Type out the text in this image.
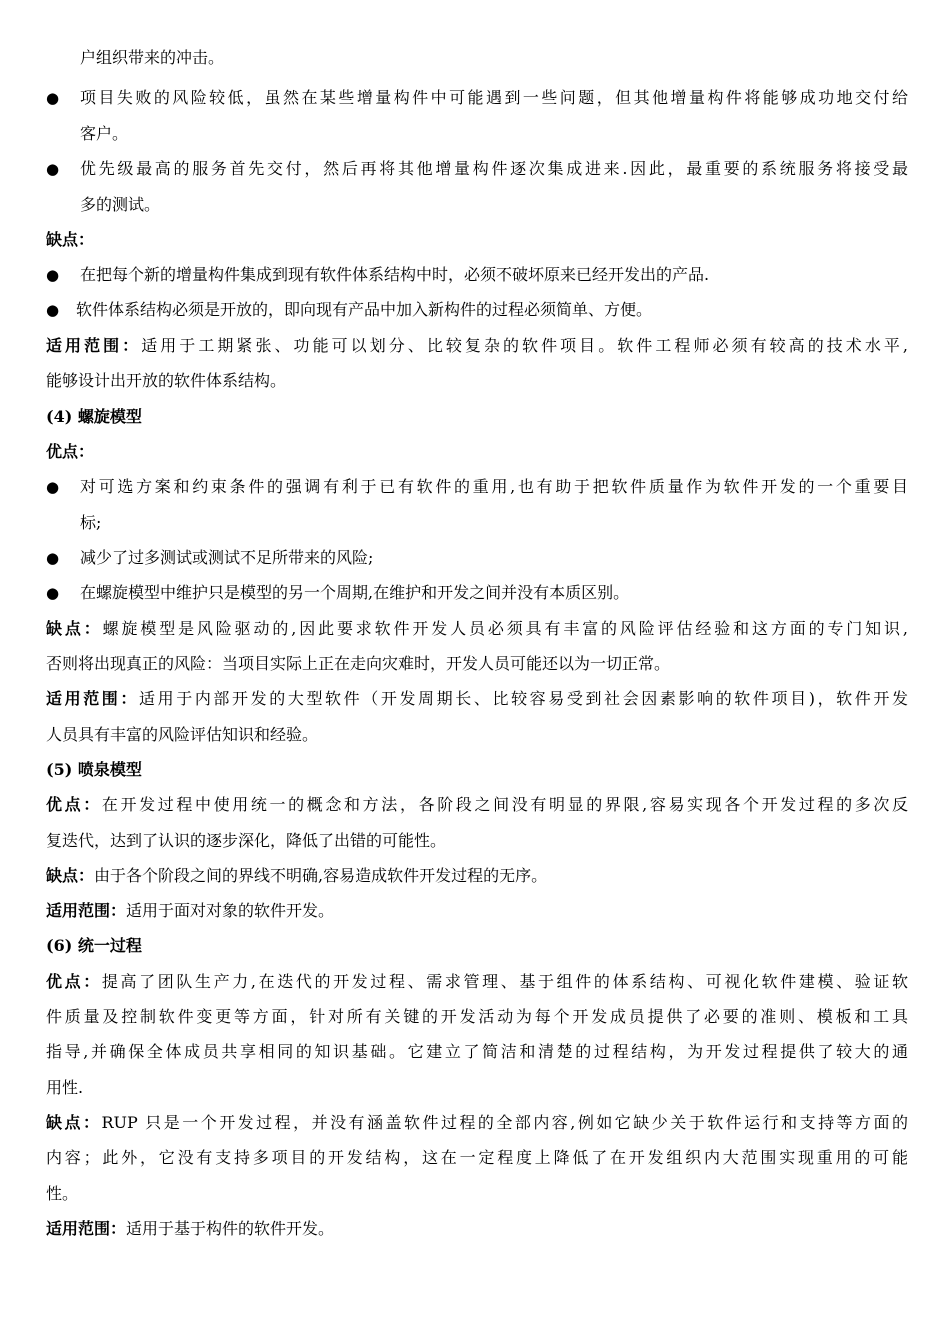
户组织带来的冲击。
● 项目失败的风险较低，虽然在某些增量构件中可能遇到一些问题，但其他增量构件将能够成功地交付给
客户。
● 优先级最高的服务首先交付，然后再将其他增量构件逐次集成进来.因此，最重要的系统服务将接受最
多的测试。
缺点：
● 在把每个新的增量构件集成到现有软件体系结构中时，必须不破坏原来已经开发出的产品.
● 软件体系结构必须是开放的，即向现有产品中加入新构件的过程必须简单、方便。
适用范围：适用于工期紧张、功能可以划分、比较复杂的软件项目。软件工程师必须有较高的技术水平,
能够设计出开放的软件体系结构。
(4) 螺旋模型
优点：
● 对可选方案和约束条件的强调有利于已有软件的重用,也有助于把软件质量作为软件开发的一个重要目
标;
● 减少了过多测试或测试不足所带来的风险;
● 在螺旋模型中维护只是模型的另一个周期,在维护和开发之间并没有本质区别。
缺点：螺旋模型是风险驱动的,因此要求软件开发人员必须具有丰富的风险评估经验和这方面的专门知识,
否则将出现真正的风险：当项目实际上正在走向灾难时，开发人员可能还以为一切正常。
适用范围：适用于内部开发的大型软件（开发周期长、比较容易受到社会因素影响的软件项目)，软件开发
人员具有丰富的风险评估知识和经验。
(5) 喷泉模型
优点：在开发过程中使用统一的概念和方法，各阶段之间没有明显的界限,容易实现各个开发过程的多次反
复迭代，达到了认识的逐步深化，降低了出错的可能性。
缺点：由于各个阶段之间的界线不明确,容易造成软件开发过程的无序。
适用范围：适用于面对对象的软件开发。
(6) 统一过程
优点：提高了团队生产力,在迭代的开发过程、需求管理、基于组件的体系结构、可视化软件建模、验证软
件质量及控制软件变更等方面，针对所有关键的开发活动为每个开发成员提供了必要的准则、模板和工具
指导,并确保全体成员共享相同的知识基础。它建立了简洁和清楚的过程结构，为开发过程提供了较大的通
用性.
缺点：RUP 只是一个开发过程，并没有涵盖软件过程的全部内容,例如它缺少关于软件运行和支持等方面的
内容；此外，它没有支持多项目的开发结构，这在一定程度上降低了在开发组织内大范围实现重用的可能
性。
适用范围：适用于基于构件的软件开发。
